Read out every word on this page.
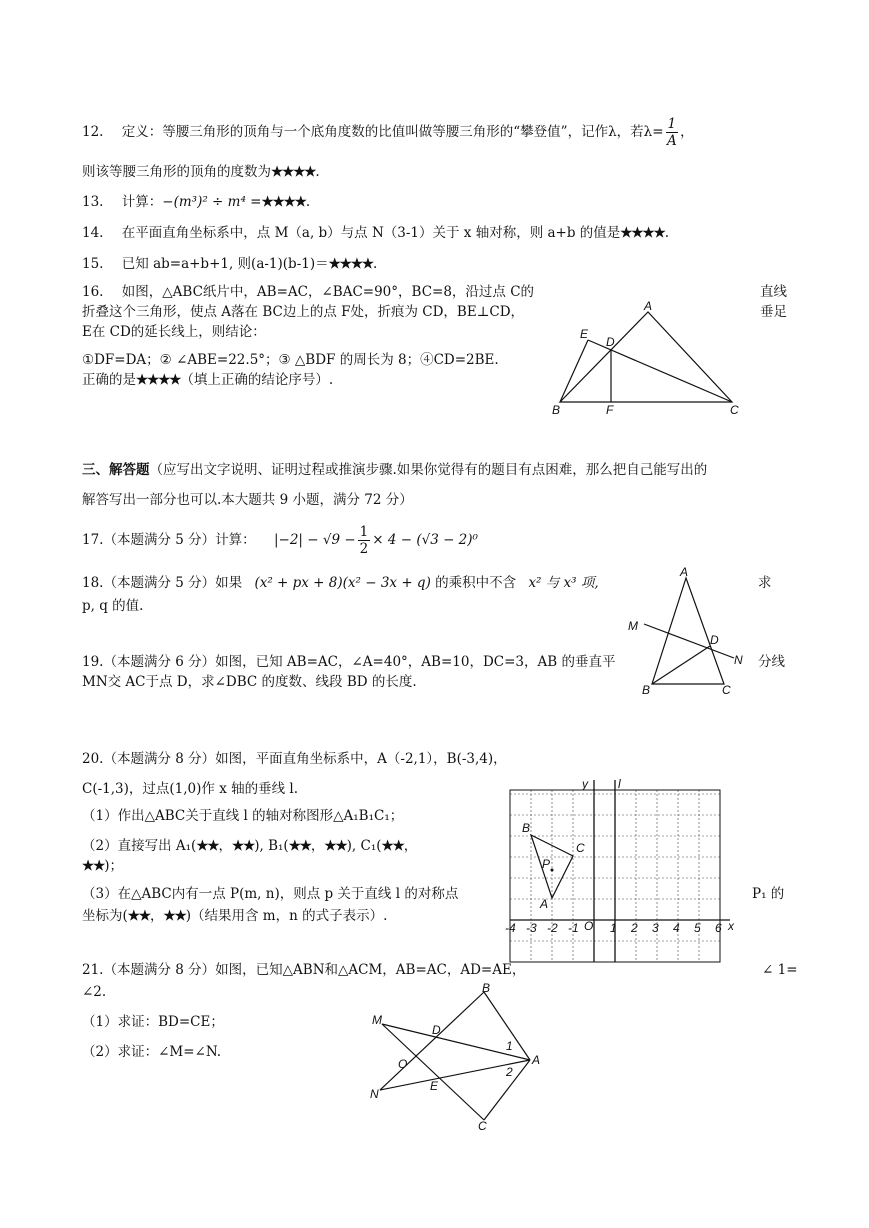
12. 定义：等腰三角形的顶角与一个底角度数的比值叫做等腰三角形的“攀登值”，记作λ，若$\lambda= \frac{1}{A}$ ，
则该等腰三角形的顶角的度数为★★★★.
13. 计算：−(m³)² ÷ m⁴ =★★★★.
14. 在平面直角坐标系中，点 M（a, b）与点 N（3-1）关于 x 轴对称，则 a+b 的值是★★★★.
15. 已知 ab=a+b+1, 则(a-1)(b-1)＝★★★★.
16. 如图，△ABC纸片中，AB=AC，∠BAC=90°，BC=8，沿过点 C的	直线
折叠这个三角形，使点 A落在 BC边上的点 F处，折痕为 CD，BE⊥CD，	垂足
E在 CD的延长线上，则结论：
①DF=DA；② ∠ABE=22.5°；③ △BDF 的周长为 8；④CD=2BE.
正确的是★★★★（填上正确的结论序号）.
A
B	C
D
E
F
三、解答题（应写出文字说明、证明过程或推演步骤.如果你觉得有的题目有点困难，那么把自己能写出的
解答写出一部分也可以.本大题共 9 小题，满分 72 分）
17.（本题满分 5 分）计算： $|-2| - √9 - \frac{1}{2} \times 4 - (√3 - 2)^0$
18.（本题满分 5 分）如果 (x² + px + 8)(x² − 3x + q) 的乘积中不含 x² 与 x³ 项,	求
p, q 的值.
19.（本题满分 6 分）如图，已知 AB=AC，∠A=40°，AB=10，DC=3，AB 的垂直平	分线
MN交 AC于点 D，求∠DBC 的度数、线段 BD 的长度.
A
B	C
D
M
N
20.（本题满分 8 分）如图，平面直角坐标系中，A（-2,1），B(-3,4)，
C(-1,3)，过点(1,0)作 x 轴的垂线 l.
（1）作出△ABC关于直线 l 的轴对称图形△A₁B₁C₁；
（2）直接写出 A₁(★★，★★), B₁(★★，★★), C₁(★★，
★★)；
（3）在△ABC内有一点 P(m, n)，则点 p 关于直线 l 的对称点	P₁ 的
坐标为(★★，★★)（结果用含 m，n 的式子表示）.
y	l
x
O
A
B
C
P
-4 -3 -2 -1	1 2 3 4 5 6
21.（本题满分 8 分）如图，已知△ABN和△ACM，AB=AC，AD=AE，	∠ 1=
∠2.
（1）求证：BD=CE；
（2）求证：∠M=∠N.
B
M
D
O	A
N
E
C
1
2
